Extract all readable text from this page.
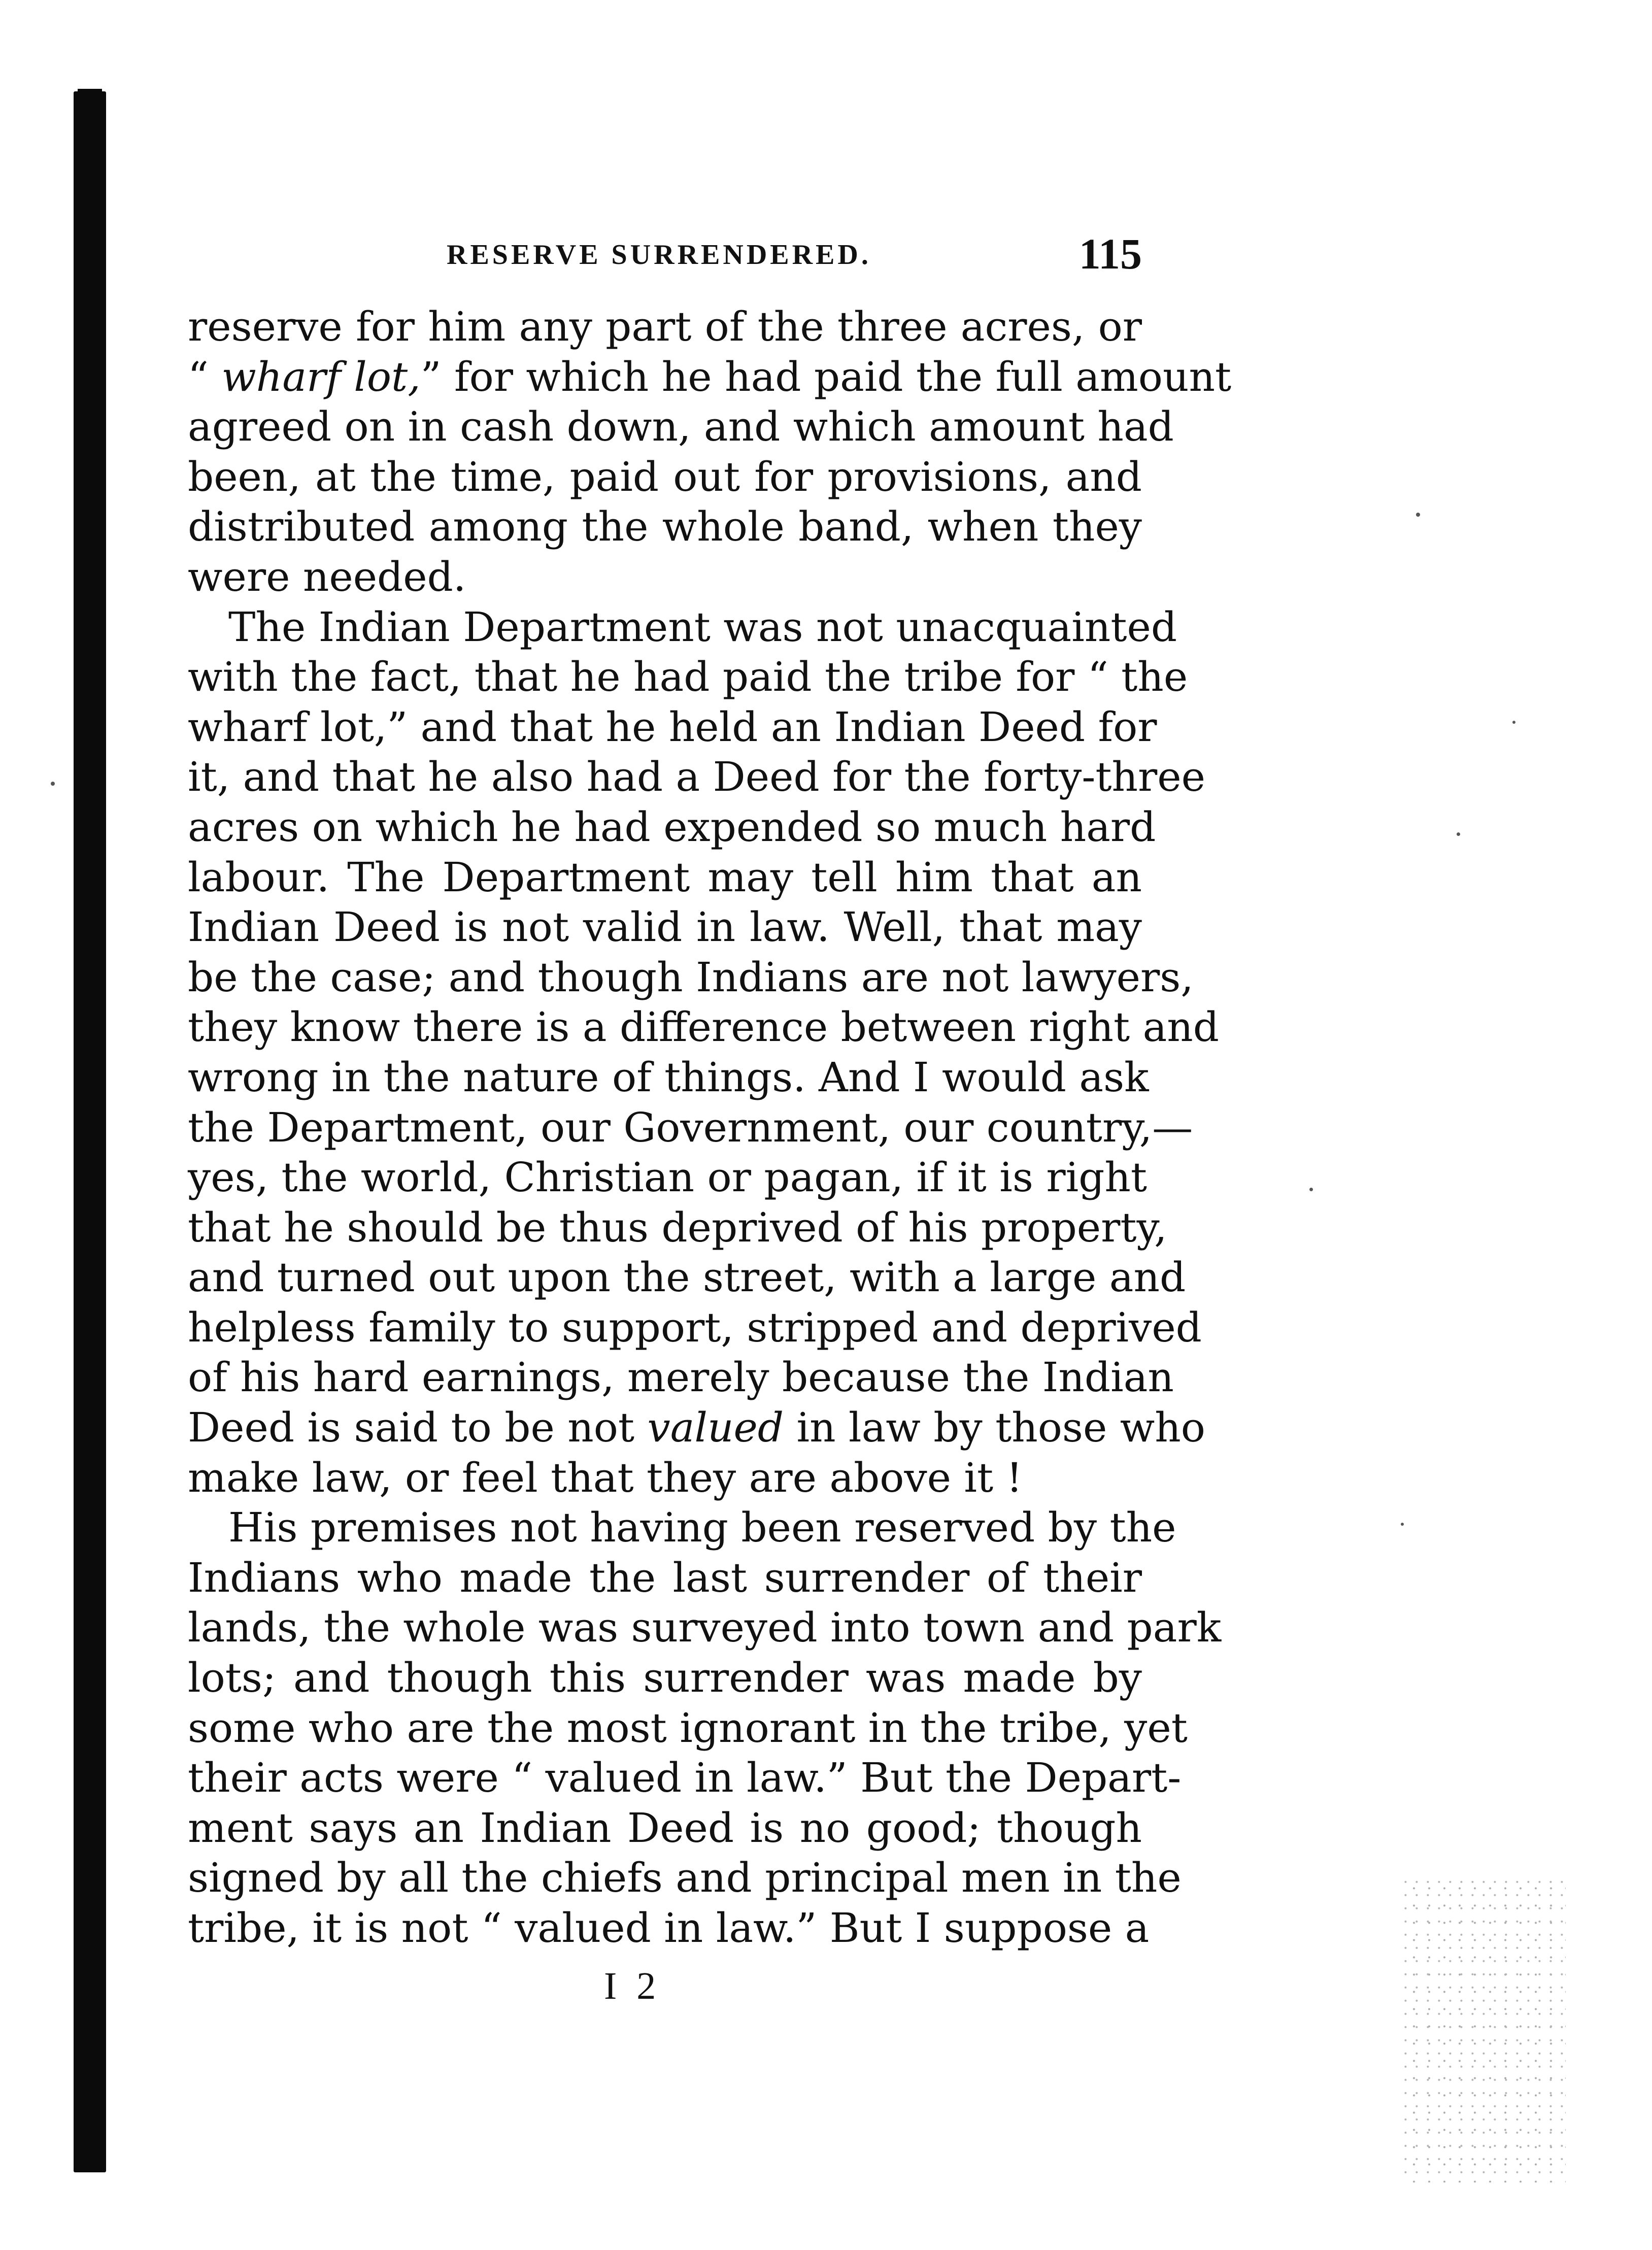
RESERVE SURRENDERED.	115
reserve for him any part of the three acres, or
“ wharf lot,” for which he had paid the full amount
agreed on in cash down, and which amount had
been, at the time, paid out for provisions, and
distributed among the whole band, when they
were needed.
The Indian Department was not unacquainted
with the fact, that he had paid the tribe for “ the
wharf lot,” and that he held an Indian Deed for
it, and that he also had a Deed for the forty-three
acres on which he had expended so much hard
labour. The Department may tell him that an
Indian Deed is not valid in law. Well, that may
be the case; and though Indians are not lawyers,
they know there is a difference between right and
wrong in the nature of things. And I would ask
the Department, our Government, our country,—
yes, the world, Christian or pagan, if it is right
that he should be thus deprived of his property,
and turned out upon the street, with a large and
helpless family to support, stripped and deprived
of his hard earnings, merely because the Indian
Deed is said to be not valued in law by those who
make law, or feel that they are above it !
His premises not having been reserved by the
Indians who made the last surrender of their
lands, the whole was surveyed into town and park
lots; and though this surrender was made by
some who are the most ignorant in the tribe, yet
their acts were “ valued in law.” But the Depart-
ment says an Indian Deed is no good; though
signed by all the chiefs and principal men in the
tribe, it is not “ valued in law.” But I suppose a
I 2
